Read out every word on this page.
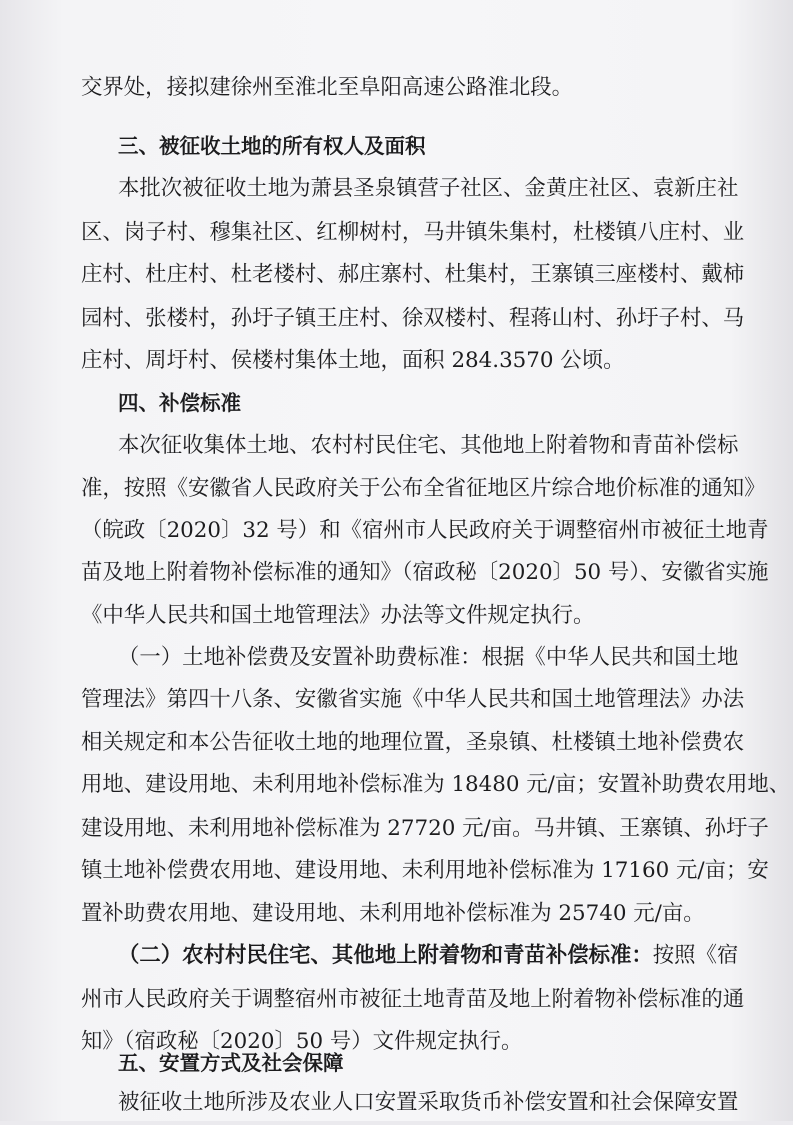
交界处，接拟建徐州至淮北至阜阳高速公路淮北段。
三、被征收土地的所有权人及面积
本批次被征收土地为萧县圣泉镇营子社区、金黄庄社区、袁新庄社
区、岗子村、穆集社区、红柳树村，马井镇朱集村，杜楼镇八庄村、业
庄村、杜庄村、杜老楼村、郝庄寨村、杜集村，王寨镇三座楼村、戴柿
园村、张楼村，孙圩子镇王庄村、徐双楼村、程蒋山村、孙圩子村、马
庄村、周圩村、侯楼村集体土地，面积 284.3570 公顷。
四、补偿标准
本次征收集体土地、农村村民住宅、其他地上附着物和青苗补偿标
准，按照《安徽省人民政府关于公布全省征地区片综合地价标准的通知》
（皖政〔2020〕32 号）和《宿州市人民政府关于调整宿州市被征土地青
苗及地上附着物补偿标准的通知》（宿政秘〔2020〕50 号）、安徽省实施
《中华人民共和国土地管理法》办法等文件规定执行。
（一）土地补偿费及安置补助费标准：根据《中华人民共和国土地
管理法》第四十八条、安徽省实施《中华人民共和国土地管理法》办法
相关规定和本公告征收土地的地理位置，圣泉镇、杜楼镇土地补偿费农
用地、建设用地、未利用地补偿标准为 18480 元/亩；安置补助费农用地、
建设用地、未利用地补偿标准为 27720 元/亩。马井镇、王寨镇、孙圩子
镇土地补偿费农用地、建设用地、未利用地补偿标准为 17160 元/亩；安
置补助费农用地、建设用地、未利用地补偿标准为 25740 元/亩。
（二）农村村民住宅、其他地上附着物和青苗补偿标准：按照《宿
州市人民政府关于调整宿州市被征土地青苗及地上附着物补偿标准的通
知》（宿政秘〔2020〕50 号）文件规定执行。
五、安置方式及社会保障
被征收土地所涉及农业人口安置采取货币补偿安置和社会保障安置
